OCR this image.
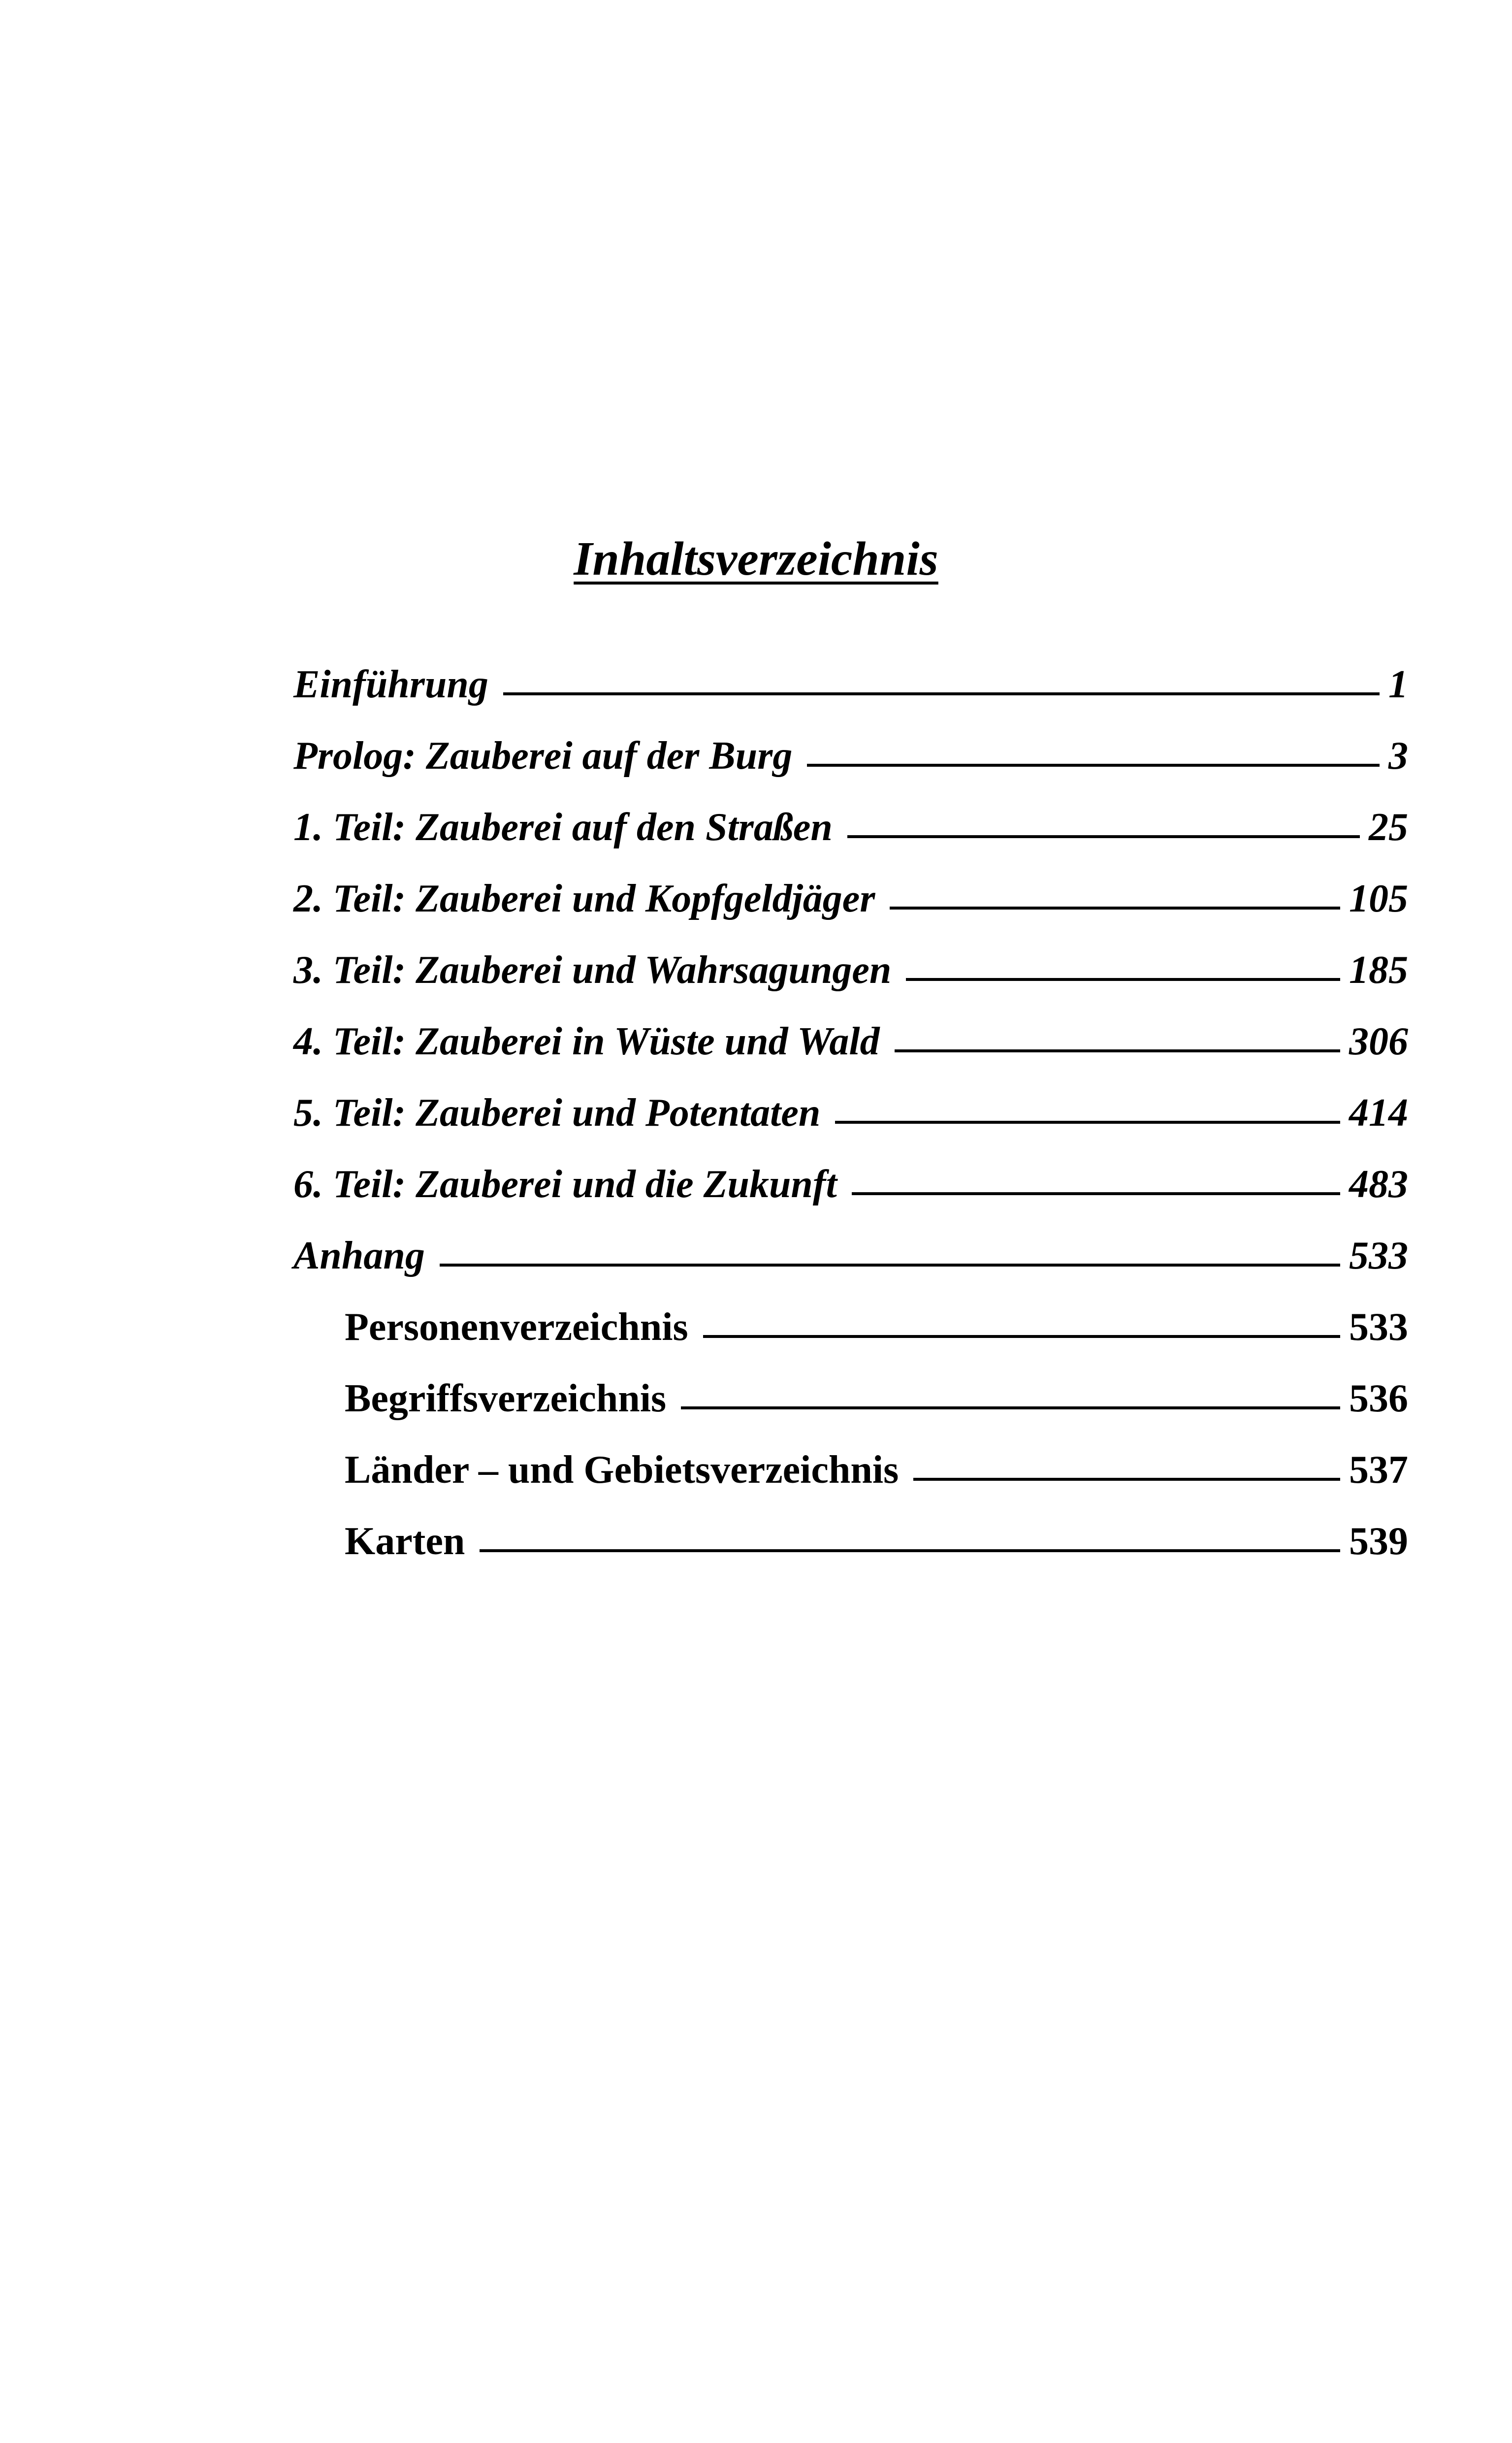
Inhaltsverzeichnis
Einführung	1
Prolog: Zauberei auf der Burg	3
1. Teil: Zauberei auf den Straßen	25
2. Teil: Zauberei und Kopfgeldjäger	105
3. Teil: Zauberei und Wahrsagungen	185
4. Teil: Zauberei in Wüste und Wald	306
5. Teil: Zauberei und Potentaten	414
6. Teil: Zauberei und die Zukunft	483
Anhang	533
Personenverzeichnis	533
Begriffsverzeichnis	536
Länder – und Gebietsverzeichnis	537
Karten	539
